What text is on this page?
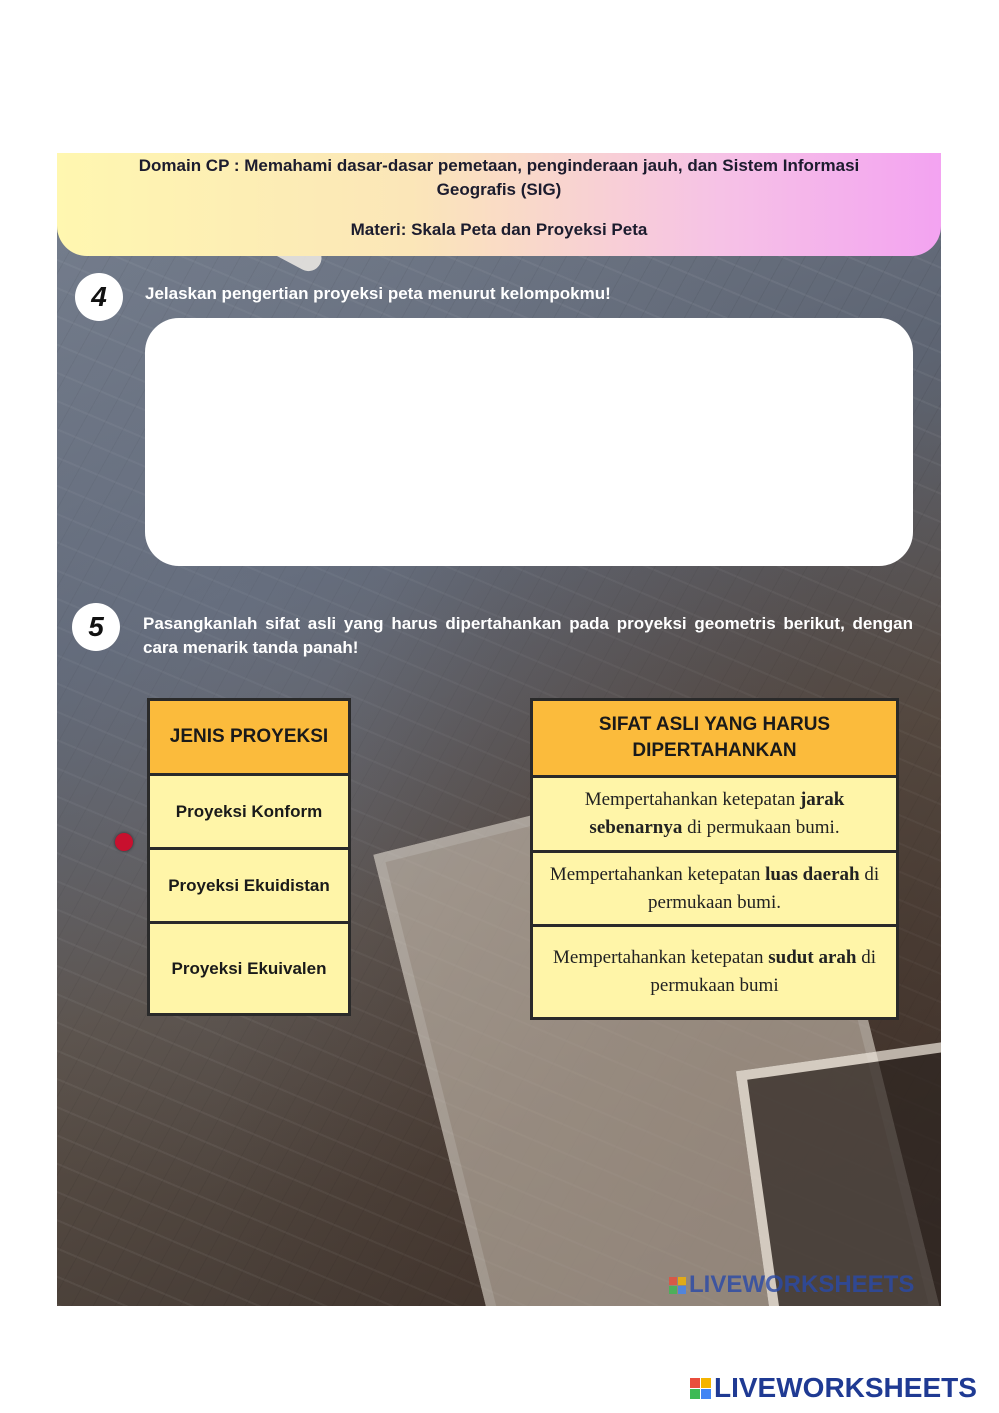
Domain CP : Memahami dasar-dasar pemetaan, penginderaan jauh, dan Sistem Informasi Geografis (SIG)
Materi: Skala Peta dan Proyeksi Peta
4	Jelaskan pengertian proyeksi peta menurut kelompokmu!
5	Pasangkanlah sifat asli yang harus dipertahankan pada proyeksi geometris berikut, dengan cara menarik tanda panah!
JENIS PROYEKSI
Proyeksi Konform
Proyeksi Ekuidistan
Proyeksi Ekuivalen
SIFAT ASLI YANG HARUS DIPERTAHANKAN
Mempertahankan ketepatan jarak sebenarnya di permukaan bumi.
Mempertahankan ketepatan luas daerah di permukaan bumi.
Mempertahankan ketepatan sudut arah di permukaan bumi
LIVEWORKSHEETS
LIVEWORKSHEETS
